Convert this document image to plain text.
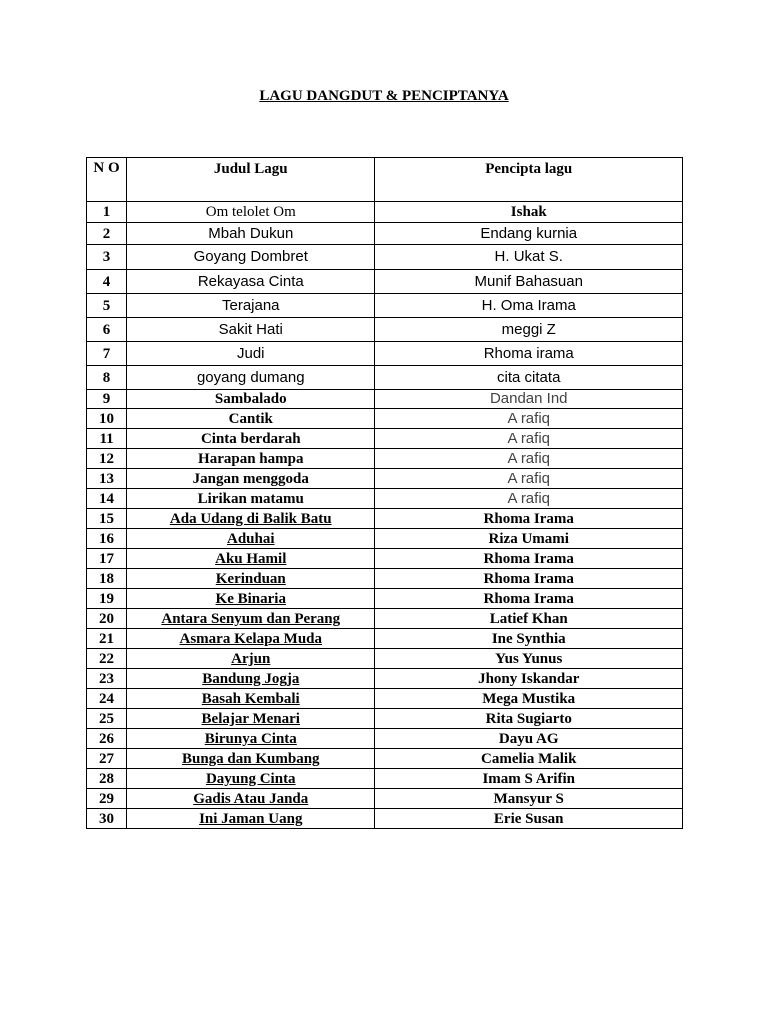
LAGU DANGDUT & PENCIPTANYA
N O	Judul Lagu	Pencipta lagu
1	Om telolet Om	Ishak
2	Mbah Dukun	Endang kurnia
3	Goyang Dombret	H. Ukat S.
4	Rekayasa Cinta	Munif Bahasuan
5	Terajana	H. Oma Irama
6	Sakit Hati	meggi Z
7	Judi	Rhoma irama
8	goyang dumang	cita citata
9	Sambalado	Dandan Ind
10	Cantik	A rafiq
11	Cinta berdarah	A rafiq
12	Harapan hampa	A rafiq
13	Jangan menggoda	A rafiq
14	Lirikan matamu	A rafiq
15	Ada Udang di Balik Batu	Rhoma Irama
16	Aduhai	Riza Umami
17	Aku Hamil	Rhoma Irama
18	Kerinduan	Rhoma Irama
19	Ke Binaria	Rhoma Irama
20	Antara Senyum dan Perang	Latief Khan
21	Asmara Kelapa Muda	Ine Synthia
22	Arjun	Yus Yunus
23	Bandung Jogja	Jhony Iskandar
24	Basah Kembali	Mega Mustika
25	Belajar Menari	Rita Sugiarto
26	Birunya Cinta	Dayu AG
27	Bunga dan Kumbang	Camelia Malik
28	Dayung Cinta	Imam S Arifin
29	Gadis Atau Janda	Mansyur S
30	Ini Jaman Uang	Erie Susan
